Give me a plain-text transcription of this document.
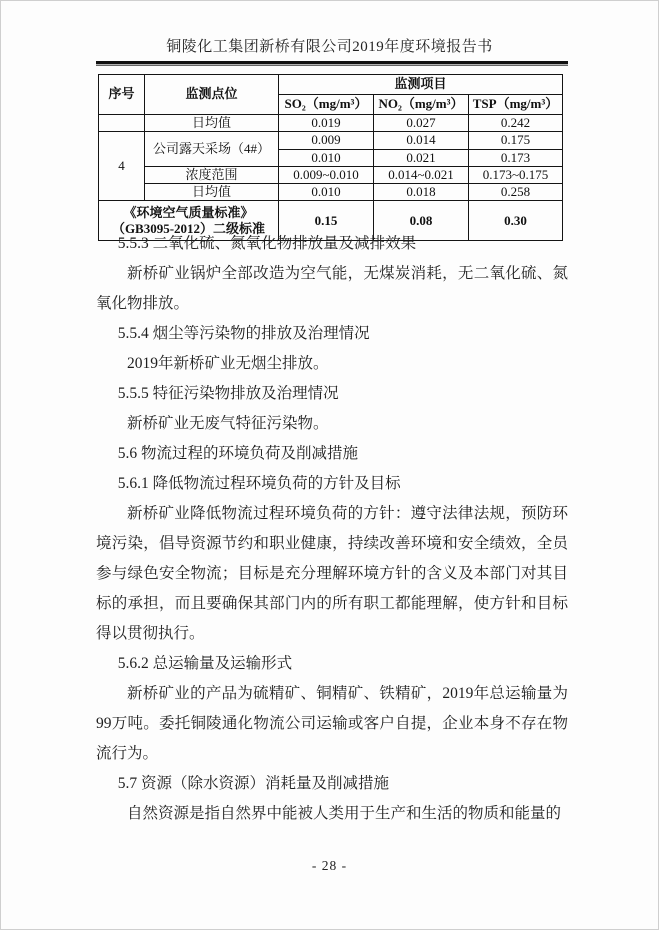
铜陵化工集团新桥有限公司2019年度环境报告书
序号	监测点位	监测项目		
		SO₂（mg/m³）	NO₂（mg/m³）	TSP（mg/m³）
	日均值	0.019	0.027	0.242
4	公司露天采场（4#）	0.009	0.014	0.175
		0.010	0.021	0.173
	浓度范围	0.009~0.010	0.014~0.021	0.173~0.175
	日均值	0.010	0.018	0.258
《环境空气质量标准》（GB3095-2012）二级标准		0.15	0.08	0.30

5.5.3 二氧化硫、氮氧化物排放量及减排效果

新桥矿业锅炉全部改造为空气能，无煤炭消耗，无二氧化硫、氮氧化物排放。

5.5.4 烟尘等污染物的排放及治理情况

2019年新桥矿业无烟尘排放。

5.5.5 特征污染物排放及治理情况

新桥矿业无废气特征污染物。

5.6 物流过程的环境负荷及削减措施

5.6.1 降低物流过程环境负荷的方针及目标

新桥矿业降低物流过程环境负荷的方针：遵守法律法规，预防环境污染，倡导资源节约和职业健康，持续改善环境和安全绩效，全员参与绿色安全物流；目标是充分理解环境方针的含义及本部门对其目标的承担，而且要确保其部门内的所有职工都能理解，使方针和目标得以贯彻执行。

5.6.2 总运输量及运输形式

新桥矿业的产品为硫精矿、铜精矿、铁精矿，2019年总运输量为99万吨。委托铜陵通化物流公司运输或客户自提，企业本身不存在物流行为。

5.7 资源（除水资源）消耗量及削减措施

自然资源是指自然界中能被人类用于生产和生活的物质和能量的

- 28 -
